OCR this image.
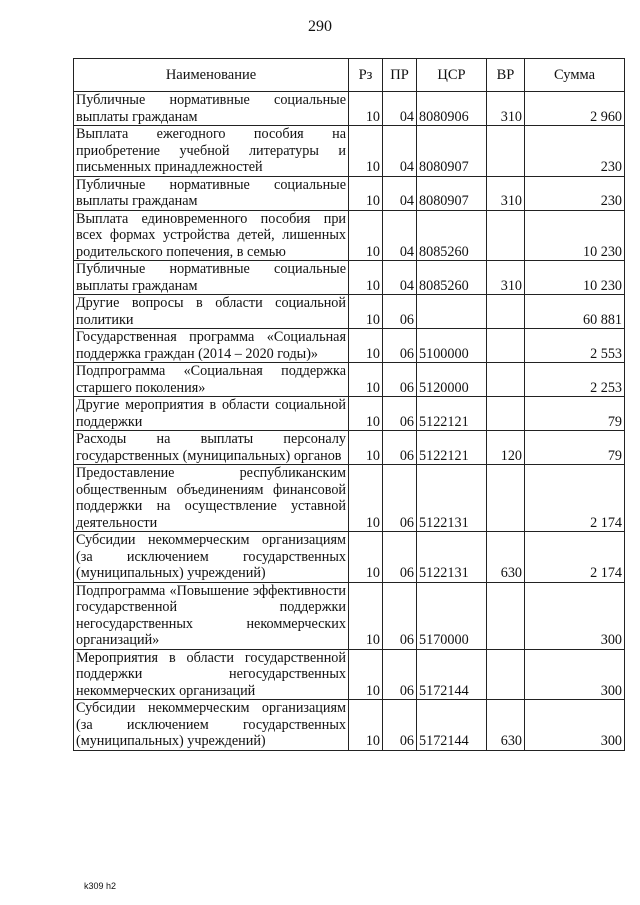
290
Наименование	Рз	ПР	ЦСР	ВР	Сумма
Публичные нормативные социальные выплаты гражданам	10	04	8080906	310	2 960
Выплата ежегодного пособия на приобретение учебной литературы и письменных принадлежностей	10	04	8080907		230
Публичные нормативные социальные выплаты гражданам	10	04	8080907	310	230
Выплата единовременного пособия при всех формах устройства детей, лишенных родительского попечения, в семью	10	04	8085260		10 230
Публичные нормативные социальные выплаты гражданам	10	04	8085260	310	10 230
Другие вопросы в области социальной политики	10	06			60 881
Государственная программа «Социальная поддержка граждан (2014 – 2020 годы)»	10	06	5100000		2 553
Подпрограмма «Социальная поддержка старшего поколения»	10	06	5120000		2 253
Другие мероприятия в области социальной поддержки	10	06	5122121		79
Расходы на выплаты персоналу государственных (муниципальных) органов	10	06	5122121	120	79
Предоставление республиканским общественным объединениям финансовой поддержки на осуществление уставной деятельности	10	06	5122131		2 174
Субсидии некоммерческим организациям (за исключением государственных (муниципальных) учреждений)	10	06	5122131	630	2 174
Подпрограмма «Повышение эффективности государственной поддержки негосударственных некоммерческих организаций»	10	06	5170000		300
Мероприятия в области государственной поддержки негосударственных некоммерческих организаций	10	06	5172144		300
Субсидии некоммерческим организациям (за исключением государственных (муниципальных) учреждений)	10	06	5172144	630	300
k309 h2
